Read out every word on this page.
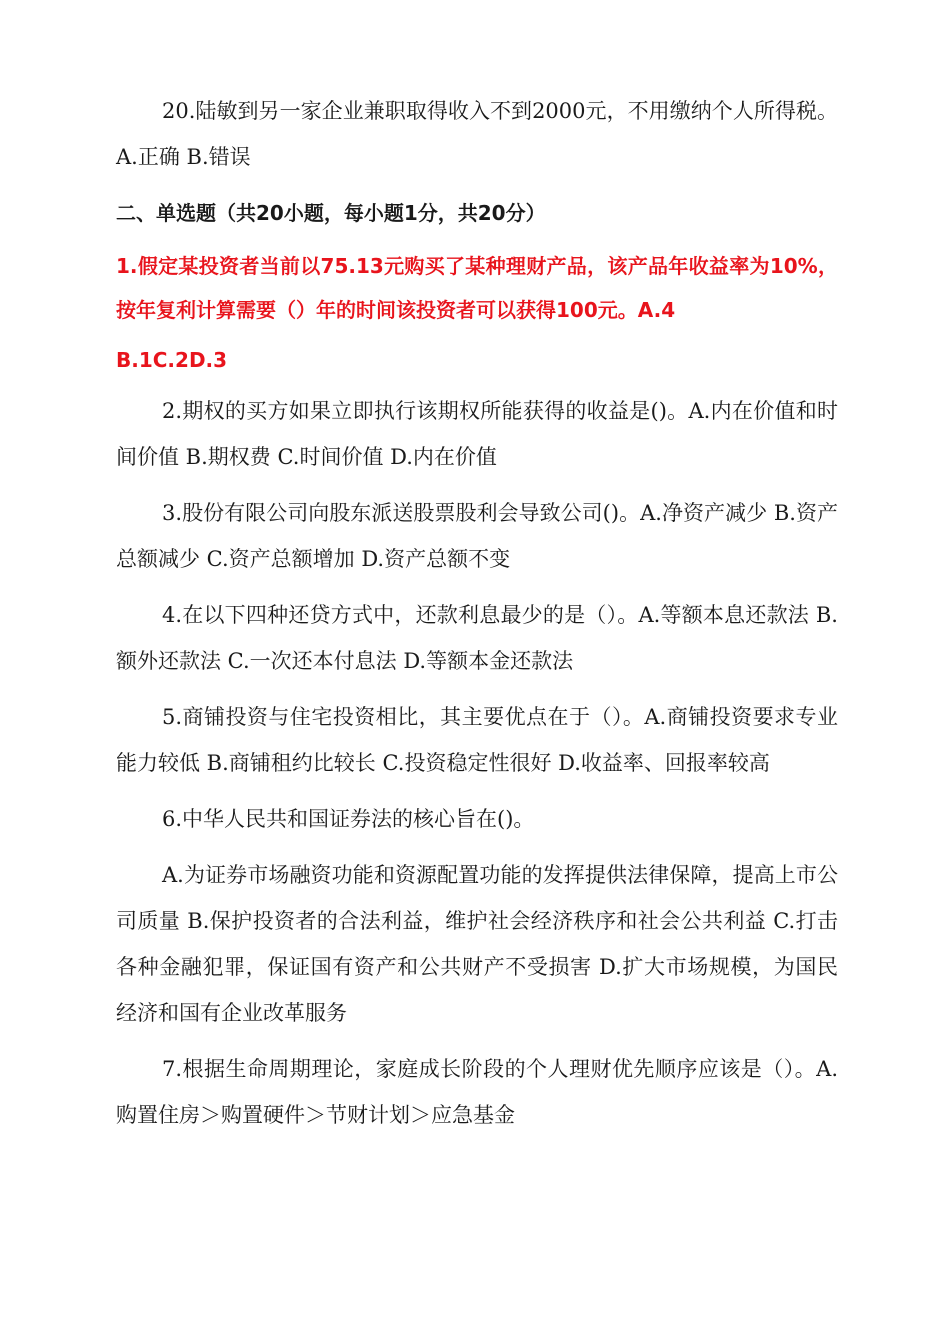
20.陆敏到另一家企业兼职取得收入不到2000元，不用缴纳个人所得税。A.正确 B.错误

二、单选题（共20小题，每小题1分，共20分）

1.假定某投资者当前以75.13元购买了某种理财产品，该产品年收益率为10%，按年复利计算需要（）年的时间该投资者可以获得100元。A.4

B.1C.2D.3

2.期权的买方如果立即执行该期权所能获得的收益是()。A.内在价值和时间价值 B.期权费 C.时间价值 D.内在价值

3.股份有限公司向股东派送股票股利会导致公司()。A.净资产减少 B.资产总额减少 C.资产总额增加 D.资产总额不变

4.在以下四种还贷方式中，还款利息最少的是（）。A.等额本息还款法 B.额外还款法 C.一次还本付息法 D.等额本金还款法

5.商铺投资与住宅投资相比，其主要优点在于（）。A.商铺投资要求专业能力较低 B.商铺租约比较长 C.投资稳定性很好 D.收益率、回报率较高

6.中华人民共和国证券法的核心旨在()。

A.为证券市场融资功能和资源配置功能的发挥提供法律保障，提高上市公司质量 B.保护投资者的合法利益，维护社会经济秩序和社会公共利益 C.打击各种金融犯罪，保证国有资产和公共财产不受损害 D.扩大市场规模，为国民经济和国有企业改革服务

7.根据生命周期理论，家庭成长阶段的个人理财优先顺序应该是（）。A.购置住房＞购置硬件＞节财计划＞应急基金
